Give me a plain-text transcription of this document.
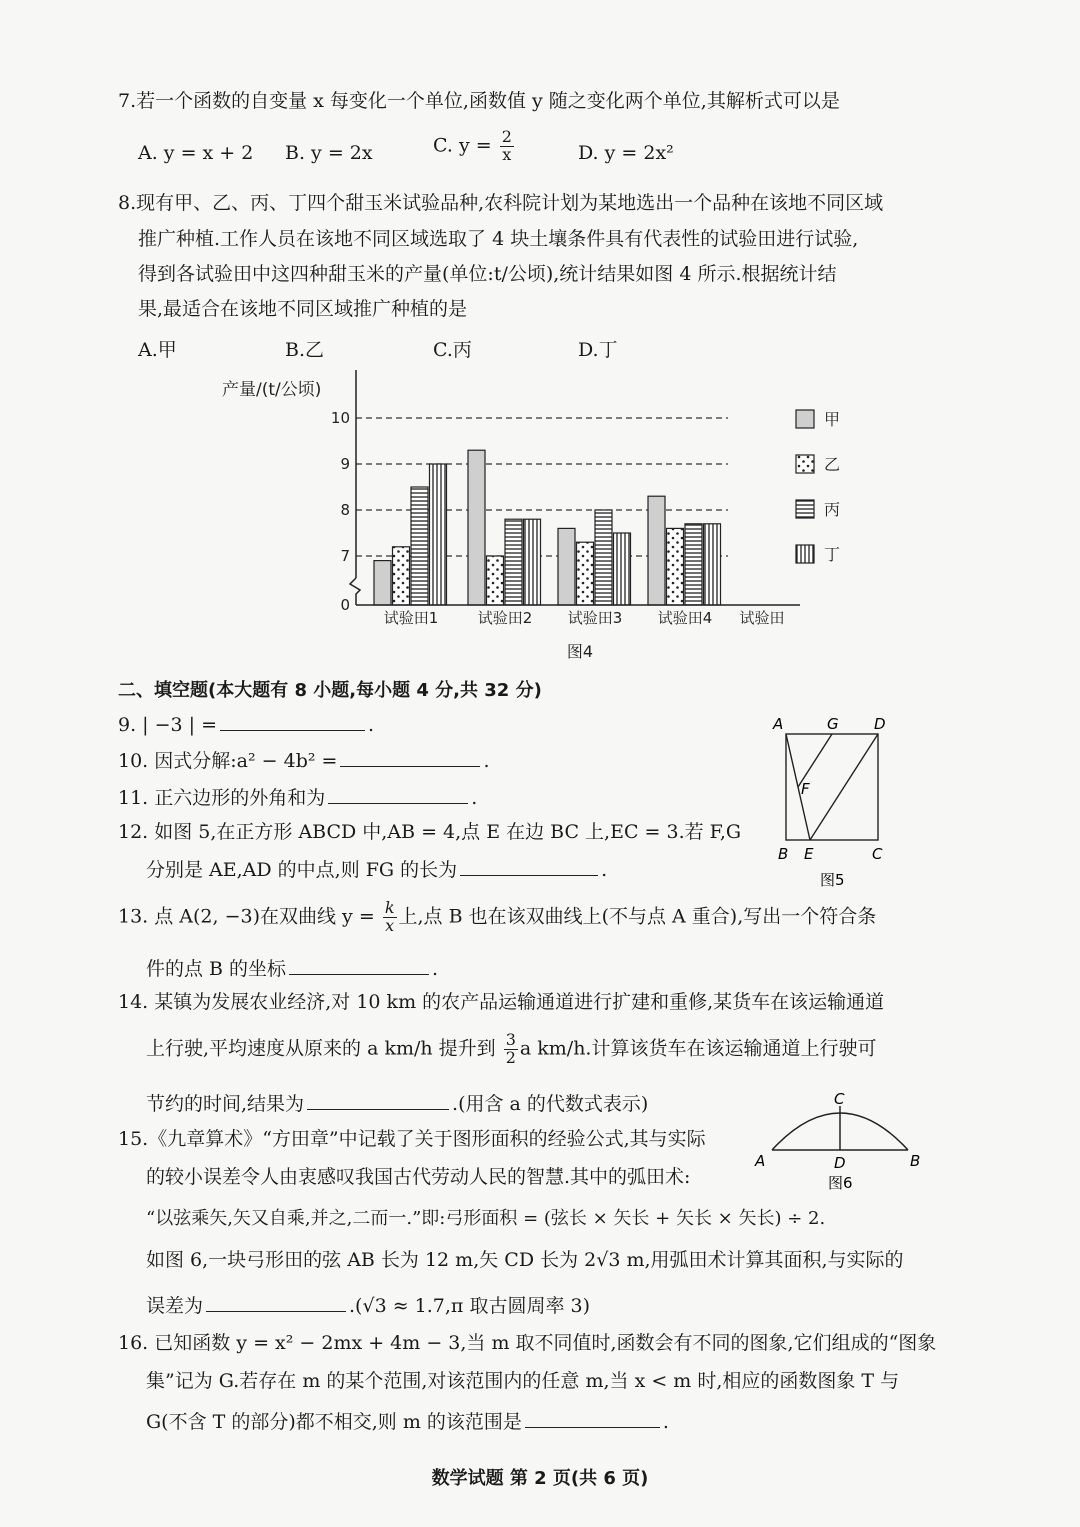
7.若一个函数的自变量 x 每变化一个单位,函数值 y 随之变化两个单位,其解析式可以是
A. y = x + 2 B. y = 2x	C. $y = \frac{2}{x}$	D. y = 2x²
8.现有甲、乙、丙、丁四个甜玉米试验品种,农科院计划为某地选出一个品种在该地不同区域
推广种植.工作人员在该地不同区域选取了 4 块土壤条件具有代表性的试验田进行试验,
得到各试验田中这四种甜玉米的产量(单位:t/公顷),统计结果如图 4 所示.根据统计结
果,最适合在该地不同区域推广种植的是
A.甲	B.乙	C.丙	D.丁
0
7
8
9
10
试验田1	试验田2 试验田3 试验田4 试验田
甲
乙
丙
丁
产量/(t/公顷)
图4
二、填空题(本大题有 8 小题,每小题 4 分,共 32 分)
9. | −3 | =	.
10. 因式分解:a² − 4b² =	.
11. 正六边形的外角和为	.
12. 如图 5,在正方形 ABCD 中,AB = 4,点 E 在边 BC 上,EC = 3.若 F,G
分别是 AE,AD 的中点,则 FG 的长为	.
A	G D
F
B E	C
图5
13. 点 A(2, −3)在双曲线 $y = \frac{k}{x}$ 上,点 B 也在该双曲线上(不与点 A 重合),写出一个符合条
件的点 B 的坐标	.
14. 某镇为发展农业经济,对 10 km 的农产品运输通道进行扩建和重修,某货车在该运输通道
上行驶,平均速度从原来的 a km/h 提升到 $\frac{3}{2}$ a km/h.计算该货车在该运输通道上行驶可
节约的时间,结果为	.(用含 a 的代数式表示)
15.《九章算术》“方田章”中记载了关于图形面积的经验公式,其与实际
的较小误差令人由衷感叹我国古代劳动人民的智慧.其中的弧田术:
“以弦乘矢,矢又自乘,并之,二而一.”即:弓形面积 = (弦长 × 矢长 + 矢长 × 矢长) ÷ 2.
如图 6,一块弓形田的弦 AB 长为 12 m,矢 CD 长为 2√3 m,用弧田术计算其面积,与实际的
误差为	.(√3 ≈ 1.7,π 取古圆周率 3)
C
A	D	B
图6
16. 已知函数 y = x² − 2mx + 4m − 3,当 m 取不同值时,函数会有不同的图象,它们组成的“图象
集”记为 G.若存在 m 的某个范围,对该范围内的任意 m,当 x < m 时,相应的函数图象 T 与
G(不含 T 的部分)都不相交,则 m 的该范围是	.
数学试题 第 2 页(共 6 页)
